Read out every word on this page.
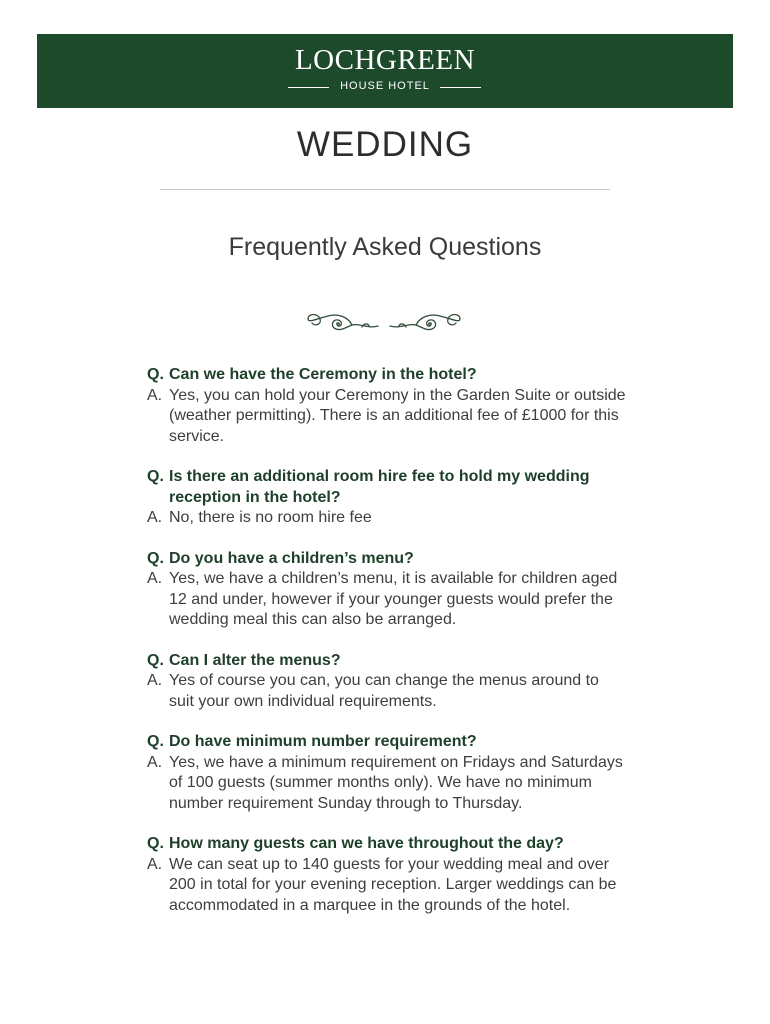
LOCHGREEN
HOUSE HOTEL
WEDDING
Frequently Asked Questions
Q. Can we have the Ceremony in the hotel?
A. Yes, you can hold your Ceremony in the Garden Suite or outside (weather permitting). There is an additional fee of £1000 for this service.
Q. Is there an additional room hire fee to hold my wedding reception in the hotel?
A. No, there is no room hire fee
Q. Do you have a children’s menu?
A. Yes, we have a children’s menu, it is available for children aged 12 and under, however if your younger guests would prefer the wedding meal this can also be arranged.
Q. Can I alter the menus?
A. Yes of course you can, you can change the menus around to suit your own individual requirements.
Q. Do have minimum number requirement?
A. Yes, we have a minimum requirement on Fridays and Saturdays of 100 guests (summer months only). We have no minimum number requirement Sunday through to Thursday.
Q. How many guests can we have throughout the day?
A. We can seat up to 140 guests for your wedding meal and over 200 in total for your evening reception. Larger weddings can be accommodated in a marquee in the grounds of the hotel.
